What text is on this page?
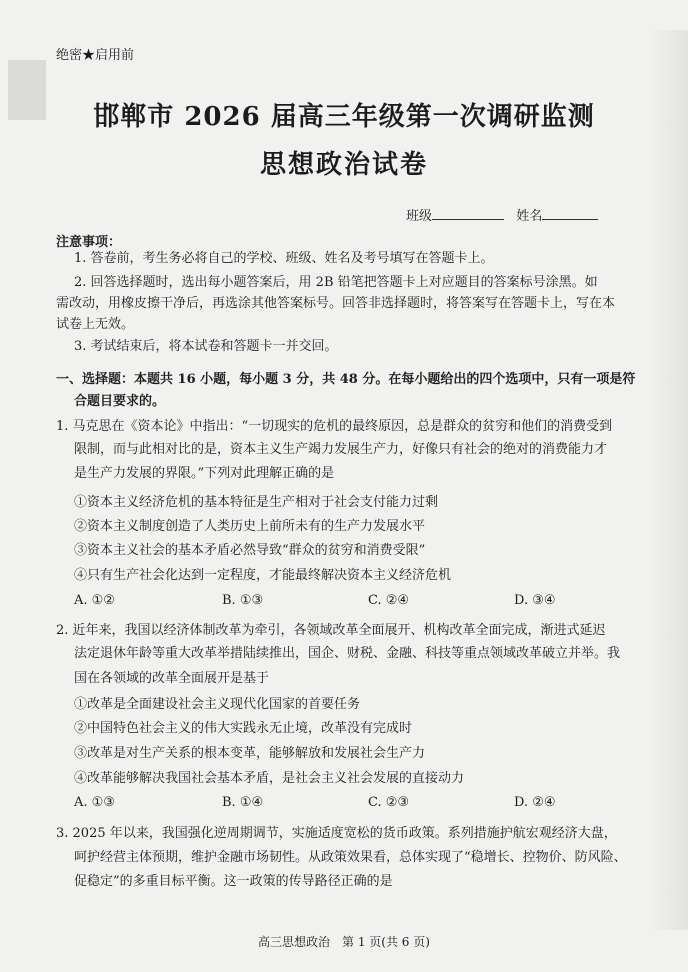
绝密★启用前
邯郸市 2026 届高三年级第一次调研监测
思想政治试卷
班级	姓名
注意事项：
1. 答卷前，考生务必将自己的学校、班级、姓名及考号填写在答题卡上。
2. 回答选择题时，选出每小题答案后，用 2B 铅笔把答题卡上对应题目的答案标号涂黑。如
需改动，用橡皮擦干净后，再选涂其他答案标号。回答非选择题时，将答案写在答题卡上，写在本
试卷上无效。
3. 考试结束后，将本试卷和答题卡一并交回。
一、选择题：本题共 16 小题，每小题 3 分，共 48 分。在每小题给出的四个选项中，只有一项是符
合题目要求的。
1. 马克思在《资本论》中指出：“一切现实的危机的最终原因，总是群众的贫穷和他们的消费受到
限制，而与此相对比的是，资本主义生产竭力发展生产力，好像只有社会的绝对的消费能力才
是生产力发展的界限。”下列对此理解正确的是
①资本主义经济危机的基本特征是生产相对于社会支付能力过剩
②资本主义制度创造了人类历史上前所未有的生产力发展水平
③资本主义社会的基本矛盾必然导致“群众的贫穷和消费受限”
④只有生产社会化达到一定程度，才能最终解决资本主义经济危机
A. ①②	B. ①③	C. ②④	D. ③④
2. 近年来，我国以经济体制改革为牵引，各领域改革全面展开、机构改革全面完成，渐进式延迟
法定退休年龄等重大改革举措陆续推出，国企、财税、金融、科技等重点领域改革破立并举。我
国在各领域的改革全面展开是基于
①改革是全面建设社会主义现代化国家的首要任务
②中国特色社会主义的伟大实践永无止境，改革没有完成时
③改革是对生产关系的根本变革，能够解放和发展社会生产力
④改革能够解决我国社会基本矛盾，是社会主义社会发展的直接动力
A. ①③	B. ①④	C. ②③	D. ②④
3. 2025 年以来，我国强化逆周期调节，实施适度宽松的货币政策。系列措施护航宏观经济大盘，
呵护经营主体预期，维护金融市场韧性。从政策效果看，总体实现了“稳增长、控物价、防风险、
促稳定”的多重目标平衡。这一政策的传导路径正确的是
高三思想政治　第 1 页(共 6 页)
